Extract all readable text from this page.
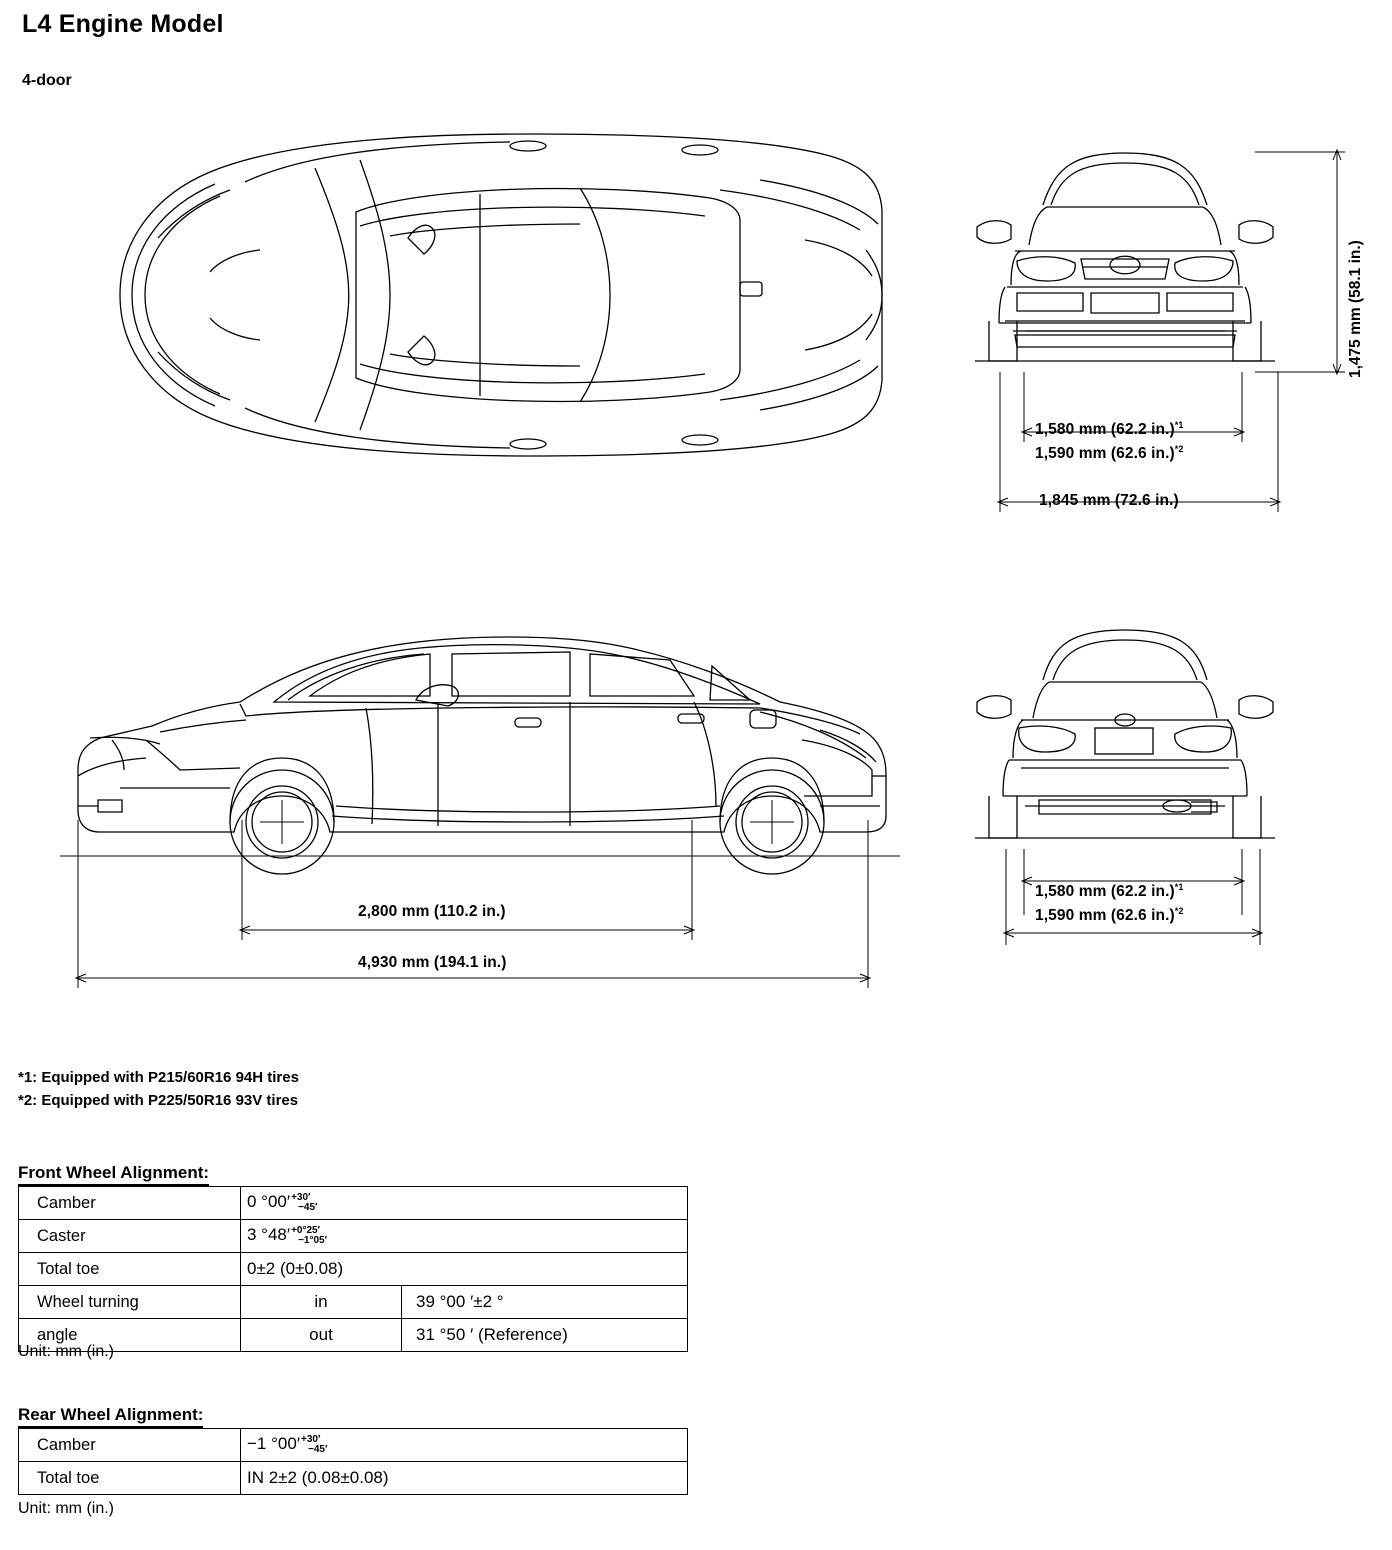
L4 Engine Model
4-door
1,475 mm (58.1 in.)
1,580 mm (62.2 in.)$^{*1}$
1,590 mm (62.6 in.)$^{*2}$
1,845 mm (72.6 in.)
2,800 mm (110.2 in.)
4,930 mm (194.1 in.)
1,580 mm (62.2 in.)$^{*1}$
1,590 mm (62.6 in.)$^{*2}$
*1: Equipped with P215/60R16 94H tires
*2: Equipped with P225/50R16 93V tires
Front Wheel Alignment:
Camber	0 °00′ +30′
−45′	

Caster	3 °48′ +0°25′
−1°05′	

Total toe	0±2 (0±0.08)	
Wheel turning	in	39 °00 ′±2 °
angle	out	31 °50 ′ (Reference)
Unit: mm (in.)
Rear Wheel Alignment:
Camber	−1 °00′ +30′
−45′

Total toe	IN 2±2 (0.08±0.08)
Unit: mm (in.)
